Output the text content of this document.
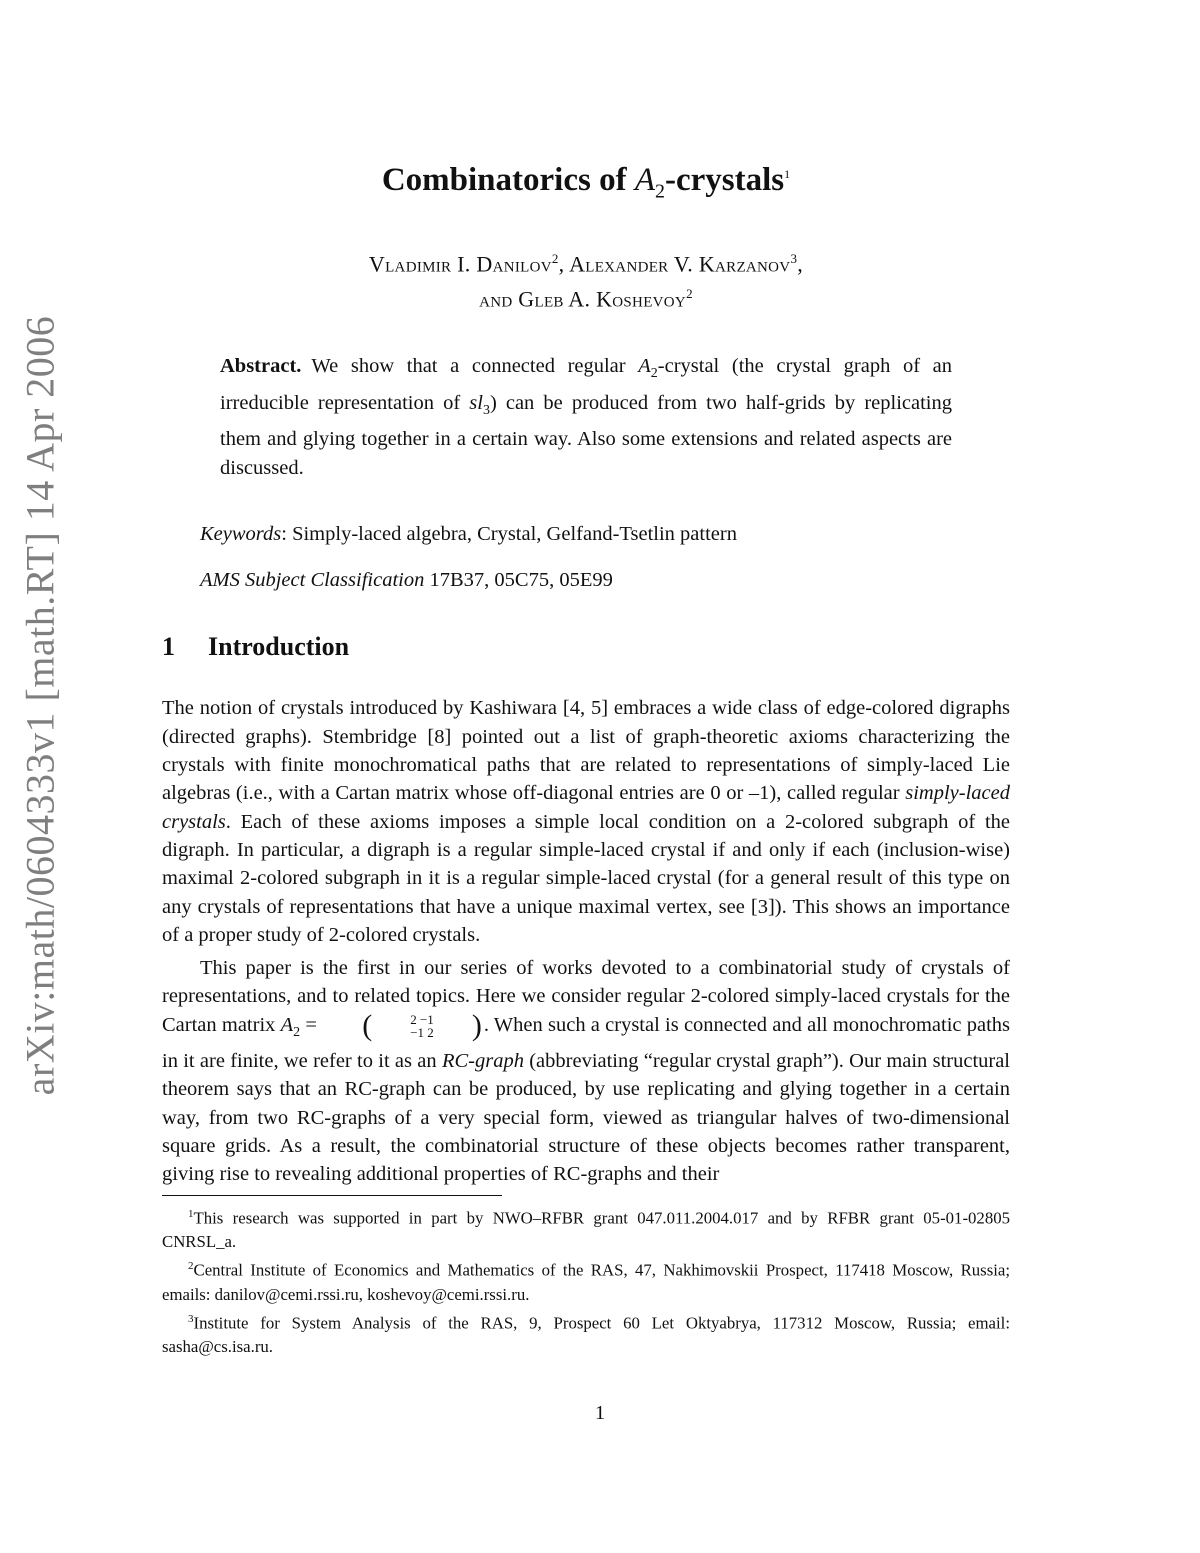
arXiv:math/0604333v1 [math.RT] 14 Apr 2006
Combinatorics of $A_2-crystals^1$
Vladimir I. Danilov$^2$, Alexander V. Karzanov$^3$,
and Gleb A. Koshevoy$^2$
Abstract. We show that a connected regular $A_2$-crystal (the crystal graph of an irreducible representation of $sl_3$) can be produced from two half-grids by replicating them and glying together in a certain way. Also some extensions and related aspects are discussed.
Keywords: Simply-laced algebra, Crystal, Gelfand-Tsetlin pattern
AMS Subject Classification 17B37, 05C75, 05E99
1 Introduction

The notion of crystals introduced by Kashiwara [4, 5] embraces a wide class of edge-colored digraphs (directed graphs). Stembridge [8] pointed out a list of graph-theoretic axioms characterizing the crystals with finite monochromatical paths that are related to representations of simply-laced Lie algebras (i.e., with a Cartan matrix whose off-diagonal entries are 0 or –1), called regular simply-laced crystals. Each of these axioms imposes a simple local condition on a 2-colored subgraph of the digraph. In particular, a digraph is a regular simple-laced crystal if and only if each (inclusion-wise) maximal 2-colored subgraph in it is a regular simple-laced crystal (for a general result of this type on any crystals of representations that have a unique maximal vertex, see [3]). This shows an importance of a proper study of 2-colored crystals.

This paper is the first in our series of works devoted to a combinatorial study of crystals of representations, and to related topics. Here we consider regular 2-colored simply-laced crystals for the Cartan matrix $A_2$ =	(	2 −1
−1 2	) . When such a crystal is connected and all monochromatic paths in it are finite, we refer to it as an RC-graph (abbreviating “regular crystal graph”). Our main structural theorem says that an RC-graph can be produced, by use replicating and glying together in a certain way, from two RC-graphs of a very special form, viewed as triangular halves of two-dimensional square grids. As a result, the combinatorial structure of these objects becomes rather transparent, giving rise to revealing additional properties of RC-graphs and their

$^1$This research was supported in part by NWO–RFBR grant 047.011.2004.017 and by RFBR grant 05-01-02805 CNRSL_a.

$^2$Central Institute of Economics and Mathematics of the RAS, 47, Nakhimovskii Prospect, 117418 Moscow, Russia; emails: danilov@cemi.rssi.ru, koshevoy@cemi.rssi.ru.

$^3$Institute for System Analysis of the RAS, 9, Prospect 60 Let Oktyabrya, 117312 Moscow, Russia; email: sasha@cs.isa.ru.

1
